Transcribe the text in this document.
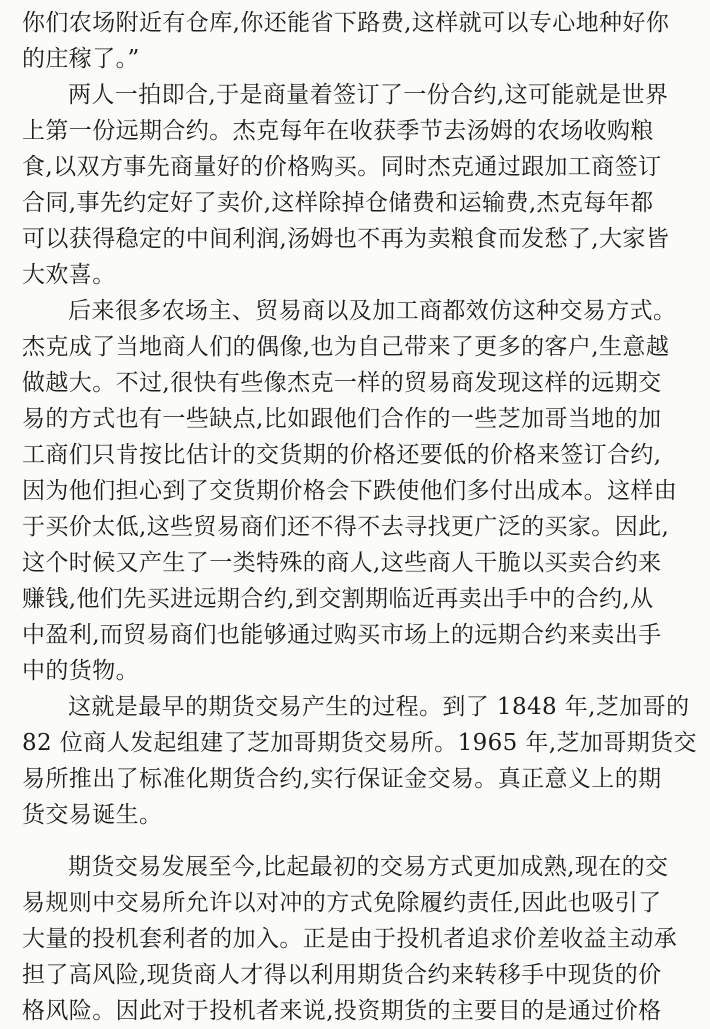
你们农场附近有仓库,你还能省下路费,这样就可以专心地种好你
的庄稼了。”
两人一拍即合,于是商量着签订了一份合约,这可能就是世界
上第一份远期合约。杰克每年在收获季节去汤姆的农场收购粮
食,以双方事先商量好的价格购买。同时杰克通过跟加工商签订
合同,事先约定好了卖价,这样除掉仓储费和运输费,杰克每年都
可以获得稳定的中间利润,汤姆也不再为卖粮食而发愁了,大家皆
大欢喜。
后来很多农场主、贸易商以及加工商都效仿这种交易方式。
杰克成了当地商人们的偶像,也为自己带来了更多的客户,生意越
做越大。不过,很快有些像杰克一样的贸易商发现这样的远期交
易的方式也有一些缺点,比如跟他们合作的一些芝加哥当地的加
工商们只肯按比估计的交货期的价格还要低的价格来签订合约,
因为他们担心到了交货期价格会下跌使他们多付出成本。这样由
于买价太低,这些贸易商们还不得不去寻找更广泛的买家。因此,
这个时候又产生了一类特殊的商人,这些商人干脆以买卖合约来
赚钱,他们先买进远期合约,到交割期临近再卖出手中的合约,从
中盈利,而贸易商们也能够通过购买市场上的远期合约来卖出手
中的货物。
这就是最早的期货交易产生的过程。到了 1848 年,芝加哥的
82 位商人发起组建了芝加哥期货交易所。1965 年,芝加哥期货交
易所推出了标准化期货合约,实行保证金交易。真正意义上的期
货交易诞生。
期货交易发展至今,比起最初的交易方式更加成熟,现在的交
易规则中交易所允许以对冲的方式免除履约责任,因此也吸引了
大量的投机套利者的加入。正是由于投机者追求价差收益主动承
担了高风险,现货商人才得以利用期货合约来转移手中现货的价
格风险。因此对于投机者来说,投资期货的主要目的是通过价格
